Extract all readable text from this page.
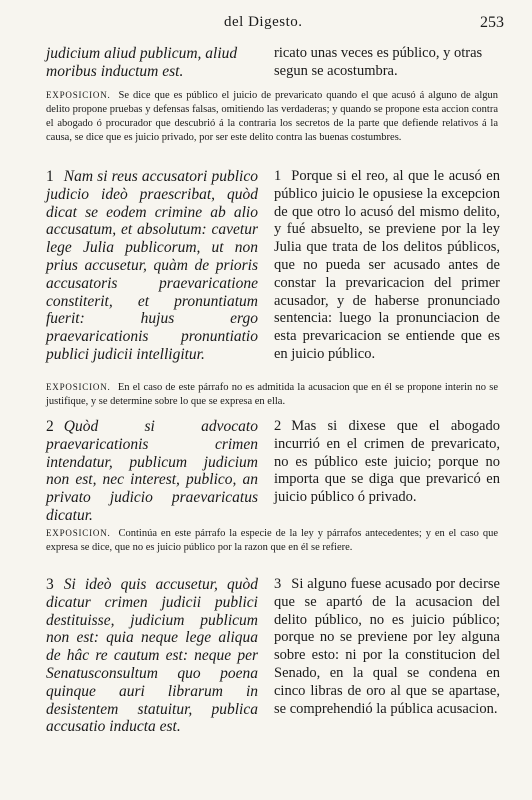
del Digesto.	253
judicium aliud publicum, aliud moribus inductum est.
ricato unas veces es público, y otras segun se acostumbra.
EXPOSICION. Se dice que es público el juicio de prevaricato quando el que acusó á alguno de algun delito propone pruebas y defensas falsas, omitiendo las verdaderas; y quando se propone esta accion contra el abogado ó procurador que descubrió á la contraria los secretos de la parte que defiende relativos á la causa, se dice que es juicio privado, por ser este delito contra las buenas costumbres.
1 Nam si reus accusatori publico judicio ideò praescribat, quòd dicat se eodem crimine ab alio accusatum, et absolutum: cavetur lege Julia publicorum, ut non prius accusetur, quàm de prioris accusatoris praevaricatione constiterit, et pronuntiatum fuerit: hujus ergo praevaricationis pronuntiatio publici judicii intelligitur.
1 Porque si el reo, al que le acusó en público juicio le opusiese la excepcion de que otro lo acusó del mismo delito, y fué absuelto, se previene por la ley Julia que trata de los delitos públicos, que no pueda ser acusado antes de constar la prevaricacion del primer acusador, y de haberse pronunciado sentencia: luego la pronunciacion de esta prevaricacion se entiende que es en juicio público.
EXPOSICION. En el caso de este párrafo no es admitida la acusacion que en él se propone interin no se justifique, y se determine sobre lo que se expresa en ella.
2 Quòd si advocato praevaricationis crimen intendatur, publicum judicium non est, nec interest, publico, an privato judicio praevaricatus dicatur.
2 Mas si dixese que el abogado incurrió en el crimen de prevaricato, no es público este juicio; porque no importa que se diga que prevaricó en juicio público ó privado.
EXPOSICION. Continúa en este párrafo la especie de la ley y párrafos antecedentes; y en el caso que expresa se dice, que no es juicio público por la razon que en él se refiere.
3 Si ideò quis accusetur, quòd dicatur crimen judicii publici destituisse, judicium publicum non est: quia neque lege aliqua de hâc re cautum est: neque per Senatusconsultum quo poena quinque auri librarum in desistentem statuitur, publica accusatio inducta est.
3 Si alguno fuese acusado por decirse que se apartó de la acusacion del delito público, no es juicio público; porque no se previene por ley alguna sobre esto: ni por la constitucion del Senado, en la qual se condena en cinco libras de oro al que se apartase, se comprehendió la pública acusacion.
